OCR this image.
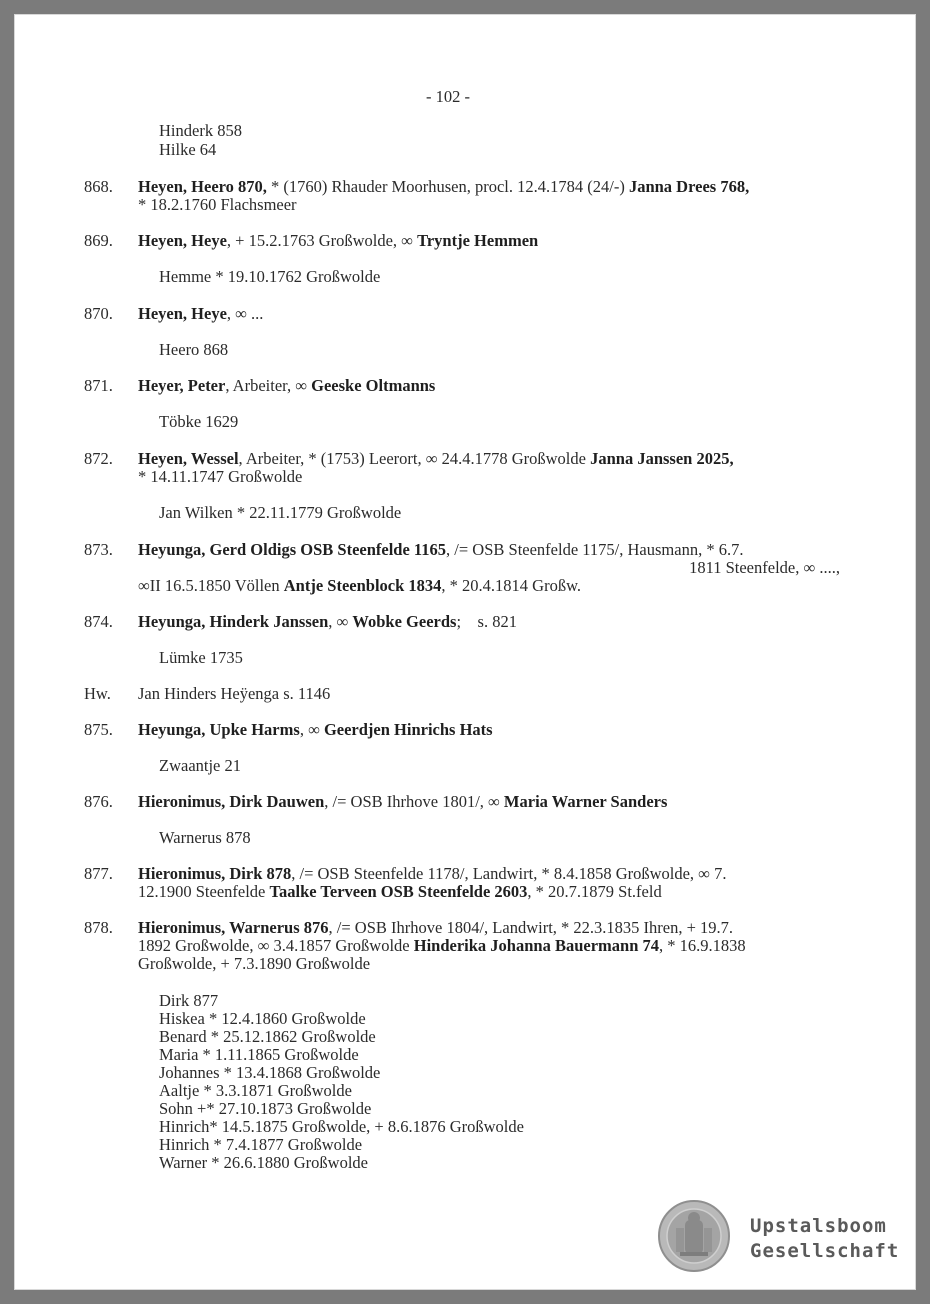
- 102 -
Hinderk 858
Hilke 64
868. Heyen, Heero 870, * (1760) Rhauder Moorhusen, procl. 12.4.1784 (24/-) Janna Drees 768,
* 18.2.1760 Flachsmeer
869. Heyen, Heye, + 15.2.1763 Großwolde, ∞ Tryntje Hemmen
Hemme * 19.10.1762 Großwolde
870. Heyen, Heye, ∞ ...
Heero 868
871. Heyer, Peter, Arbeiter, ∞ Geeske Oltmanns
Töbke 1629
872. Heyen, Wessel, Arbeiter, * (1753) Leerort, ∞ 24.4.1778 Großwolde Janna Janssen 2025,
* 14.11.1747 Großwolde
Jan Wilken * 22.11.1779 Großwolde
873. Heyunga, Gerd Oldigs OSB Steenfelde 1165, /= OSB Steenfelde 1175/, Hausmann, * 6.7.
1811 Steenfelde, ∞ ....,
∞II 16.5.1850 Völlen Antje Steenblock 1834, * 20.4.1814 Großw.
874. Heyunga, Hinderk Janssen, ∞ Wobke Geerds;    s. 821
Lümke 1735
Hw. Jan Hinders Heÿenga s. 1146
875. Heyunga, Upke Harms, ∞ Geerdjen Hinrichs Hats
Zwaantje 21
876. Hieronimus, Dirk Dauwen, /= OSB Ihrhove 1801/, ∞ Maria Warner Sanders
Warnerus 878
877. Hieronimus, Dirk 878, /= OSB Steenfelde 1178/, Landwirt, * 8.4.1858 Großwolde, ∞ 7.
12.1900 Steenfelde Taalke Terveen OSB Steenfelde 2603, * 20.7.1879 St.feld
878. Hieronimus, Warnerus 876, /= OSB Ihrhove 1804/, Landwirt, * 22.3.1835 Ihren, + 19.7.
1892 Großwolde, ∞ 3.4.1857 Großwolde Hinderika Johanna Bauermann 74, * 16.9.1838
Großwolde, + 7.3.1890 Großwolde
Dirk 877
Hiskea * 12.4.1860 Großwolde
Benard * 25.12.1862 Großwolde
Maria * 1.11.1865 Großwolde
Johannes * 13.4.1868 Großwolde
Aaltje * 3.3.1871 Großwolde
Sohn +* 27.10.1873 Großwolde
Hinrich* 14.5.1875 Großwolde, + 8.6.1876 Großwolde
Hinrich * 7.4.1877 Großwolde
Warner * 26.6.1880 Großwolde
Upstalsboom
Gesellschaft
